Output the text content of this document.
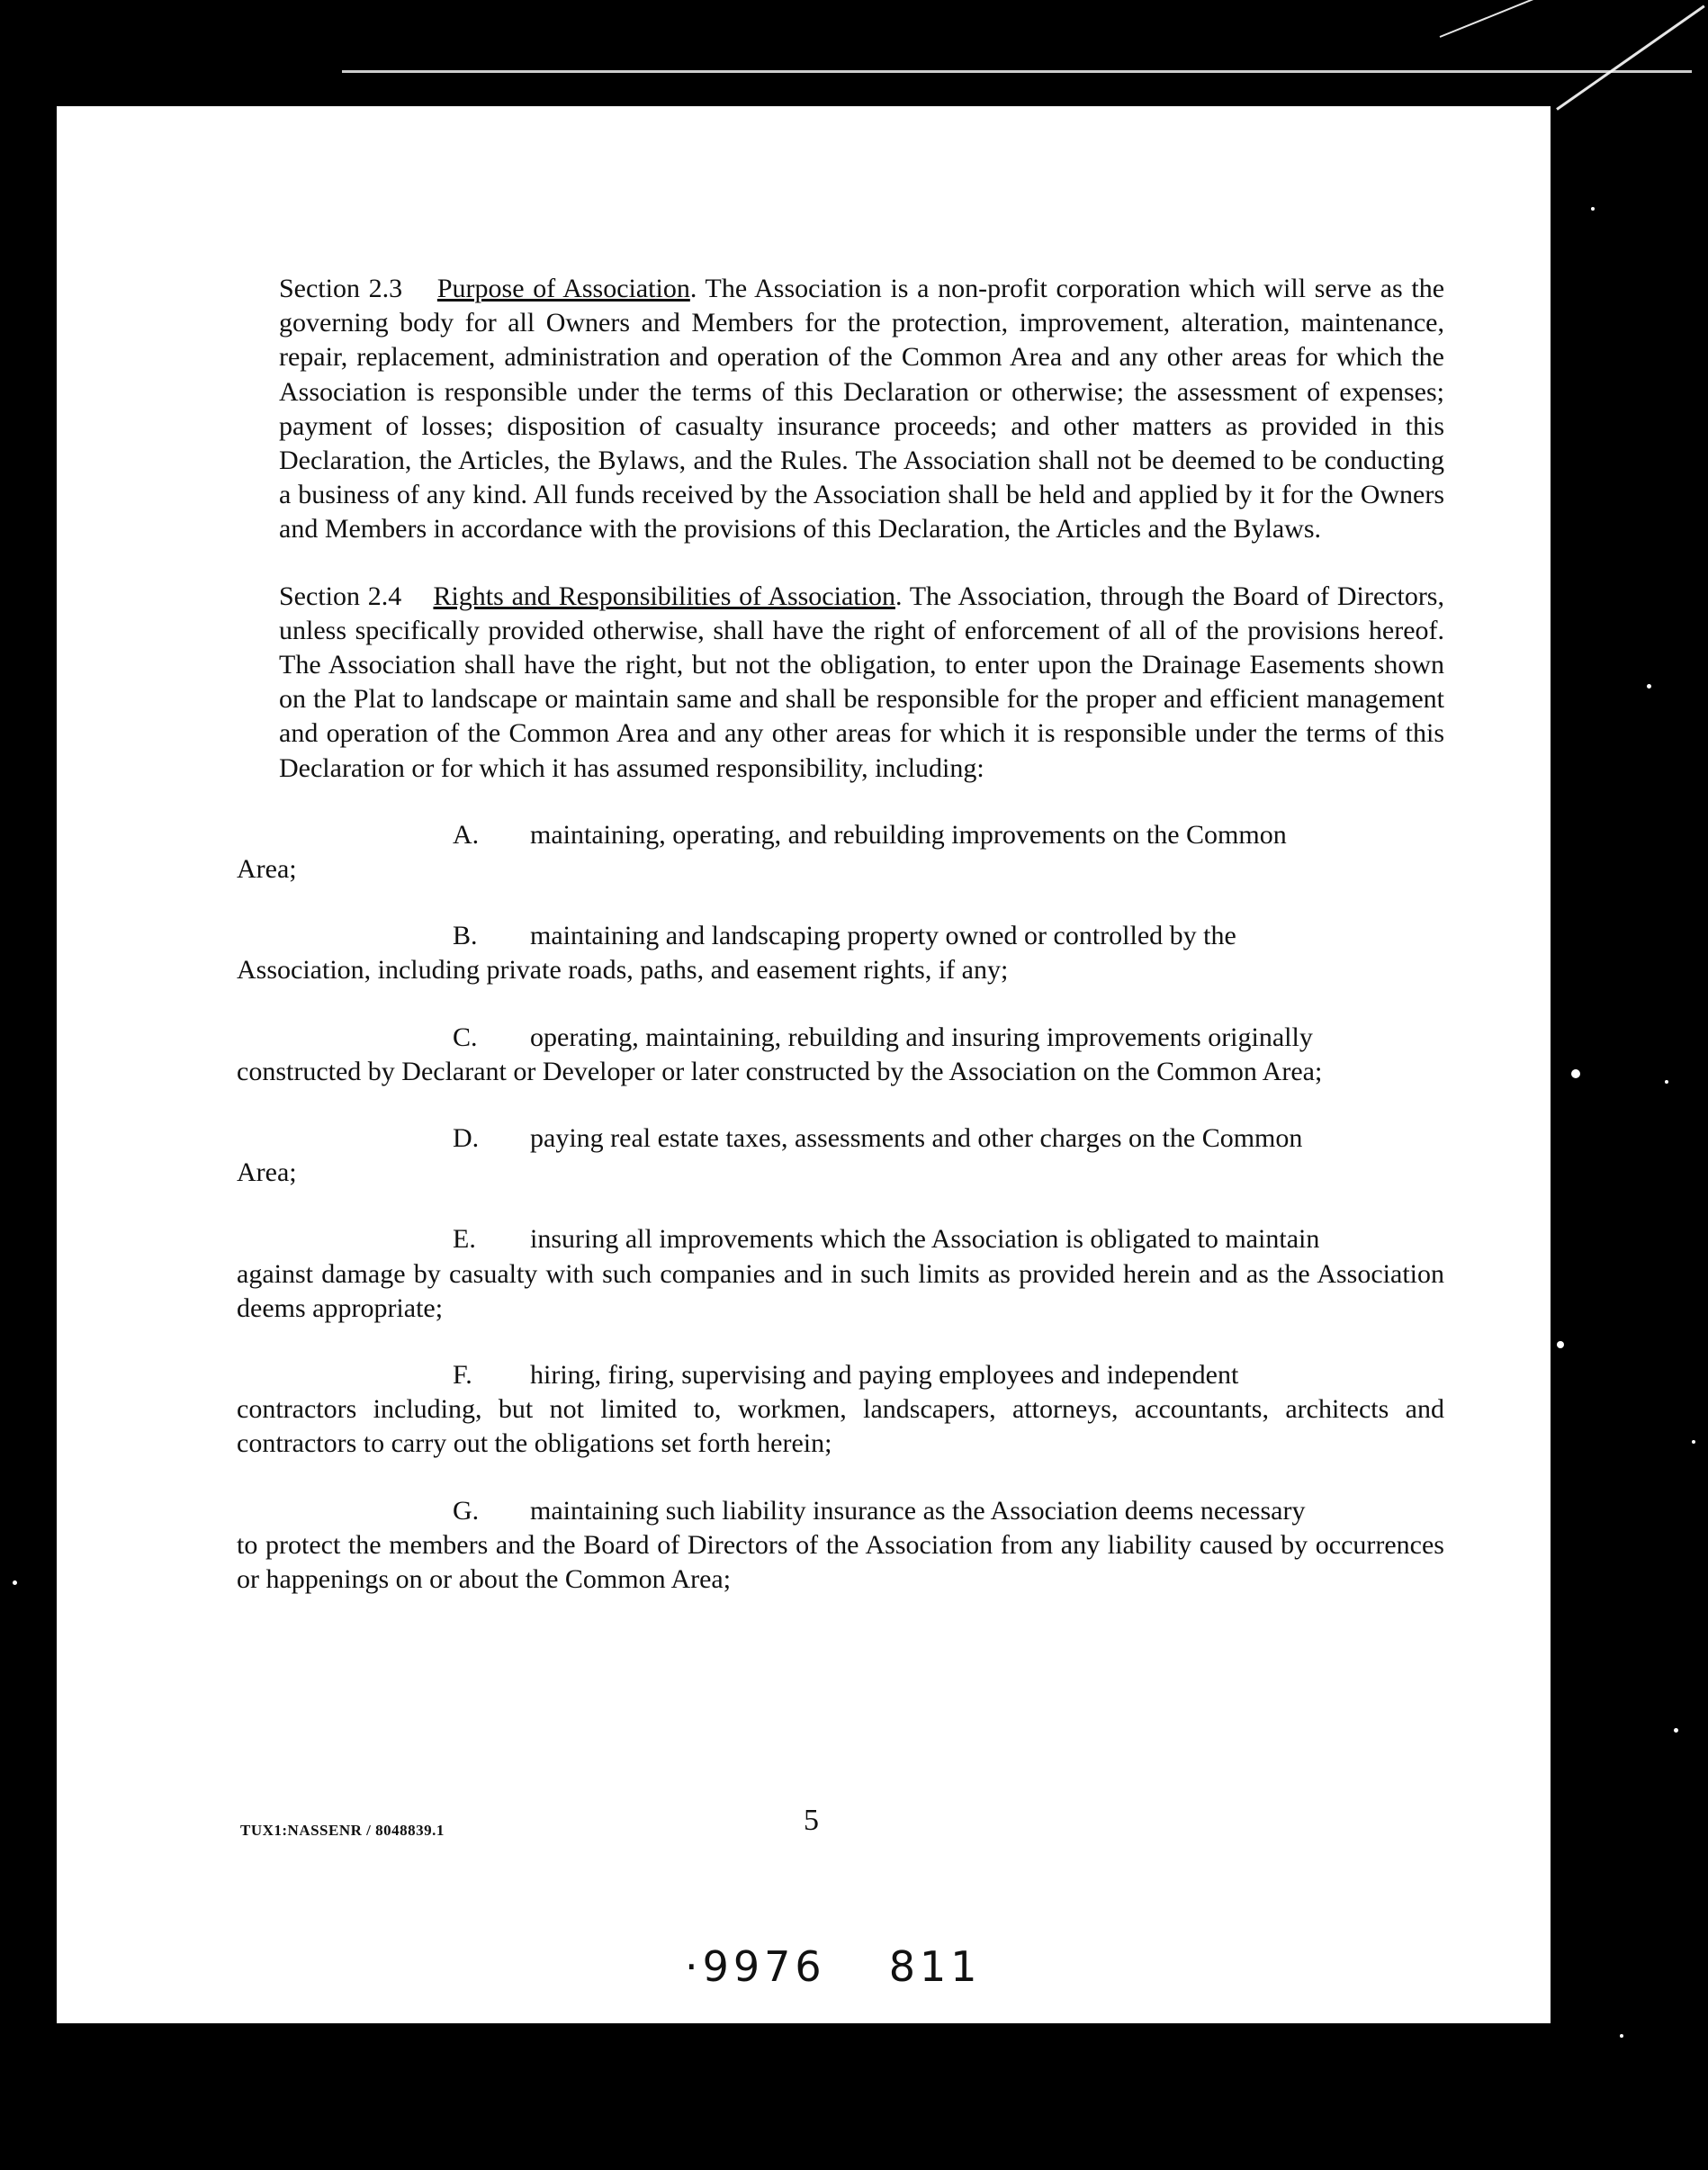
Section 2.3 Purpose of Association. The Association is a non-profit corporation which will serve as the governing body for all Owners and Members for the protection, improvement, alteration, maintenance, repair, replacement, administration and operation of the Common Area and any other areas for which the Association is responsible under the terms of this Declaration or otherwise; the assessment of expenses; payment of losses; disposition of casualty insurance proceeds; and other matters as provided in this Declaration, the Articles, the Bylaws, and the Rules. The Association shall not be deemed to be conducting a business of any kind. All funds received by the Association shall be held and applied by it for the Owners and Members in accordance with the provisions of this Declaration, the Articles and the Bylaws.

Section 2.4 Rights and Responsibilities of Association. The Association, through the Board of Directors, unless specifically provided otherwise, shall have the right of enforcement of all of the provisions hereof. The Association shall have the right, but not the obligation, to enter upon the Drainage Easements shown on the Plat to landscape or maintain same and shall be responsible for the proper and efficient management and operation of the Common Area and any other areas for which it is responsible under the terms of this Declaration or for which it has assumed responsibility, including:

A. maintaining, operating, and rebuilding improvements on the Common
Area;
B. maintaining and landscaping property owned or controlled by the
Association, including private roads, paths, and easement rights, if any;
C. operating, maintaining, rebuilding and insuring improvements originally
constructed by Declarant or Developer or later constructed by the Association on the Common Area;
D. paying real estate taxes, assessments and other charges on the Common
Area;
E. insuring all improvements which the Association is obligated to maintain
against damage by casualty with such companies and in such limits as provided herein and as the Association deems appropriate;
F. hiring, firing, supervising and paying employees and independent
contractors including, but not limited to, workmen, landscapers, attorneys, accountants, architects and contractors to carry out the obligations set forth herein;
G. maintaining such liability insurance as the Association deems necessary
to protect the members and the Board of Directors of the Association from any liability caused by occurrences or happenings on or about the Common Area;
TUX1:NASSENR / 8048839.1	5
·9976 811
